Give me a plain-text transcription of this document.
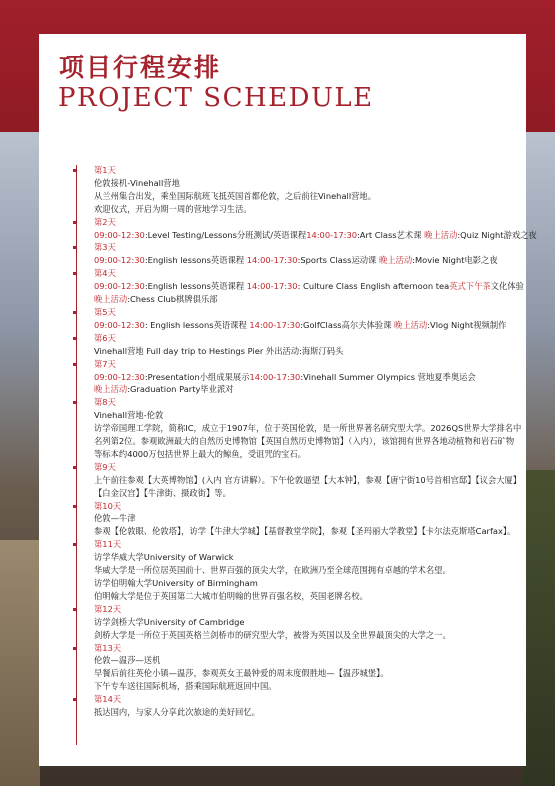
项目行程安排
PROJECT SCHEDULE
第1天
伦敦接机-Vinehall营地
从兰州集合出发，乘坐国际航班飞抵英国首都伦敦，之后前往Vinehall营地。
欢迎仪式，开启为期一周的营地学习生活。
第2天
09:00-12:30:Level Testing/Lessons分班测试/英语课程14:00-17:30:Art Class艺术课 晚上活动:Quiz Night游戏之夜
第3天
09:00-12:30:English lessons英语课程 14:00-17:30:Sports Class运动课 晚上活动:Movie Night电影之夜
第4天
09:00-12:30:English lessons英语课程 14:00-17:30: Culture Class English afternoon tea英式下午茶文化体验
晚上活动:Chess Club棋牌俱乐部
第5天
09:00-12:30: English lessons英语课程 14:00-17:30:GolfClass高尔夫体验课 晚上活动:Vlog Night视频制作
第6天
Vinehall营地 Full day trip to Hestings Pier 外出活动:海斯汀码头
第7天
09:00-12:30:Presentation小组成果展示14:00-17:30:Vinehall Summer Olympics 营地夏季奥运会
晚上活动:Graduation Party毕业派对
第8天
Vinehall营地-伦敦
访学帝国理工学院，简称IC，成立于1907年，位于英国伦敦，是一所世界著名研究型大学。2026QS世界大学排名中名列第2位。参观欧洲最大的自然历史博物馆【英国自然历史博物馆】（入内），该馆拥有世界各地动植物和岩石矿物等标本约4000万包括世界上最大的鲸鱼，受诅咒的宝石。
第9天
上午前往参观【大英博物馆】(入内 官方讲解）。下午伦敦逼望【大本钟】，参观【唐宁街10号首相官邸】【议会大厦】【白金汉宫】【牛津街、摄政街】等。
第10天
伦敦—牛津
参观【伦敦眼、伦敦塔】，访学【牛津大学城】【基督教堂学院】，参观【圣玛丽大学教堂】【卡尔法克斯塔Carfax】。
第11天
访学华威大学University of Warwick
华威大学是一所位居英国前十、世界百强的顶尖大学，在欧洲乃至全球范围拥有卓越的学术名望。
访学伯明翰大学University of Birmingham
伯明翰大学是位于英国第二大城市伯明翰的世界百强名校，英国老牌名校。
第12天
访学剑桥大学University of Cambridge
剑桥大学是一所位于英国英格兰剑桥市的研究型大学，被誉为英国以及全世界最顶尖的大学之一。
第13天
伦敦—温莎—送机
早餐后前往英伦小镇—温莎，参观英女王最钟爱的周末度假胜地—【温莎城堡】。
下午专车送往国际机场，搭乘国际航班返回中国。
第14天
抵达国内，与家人分享此次旅途的美好回忆。
